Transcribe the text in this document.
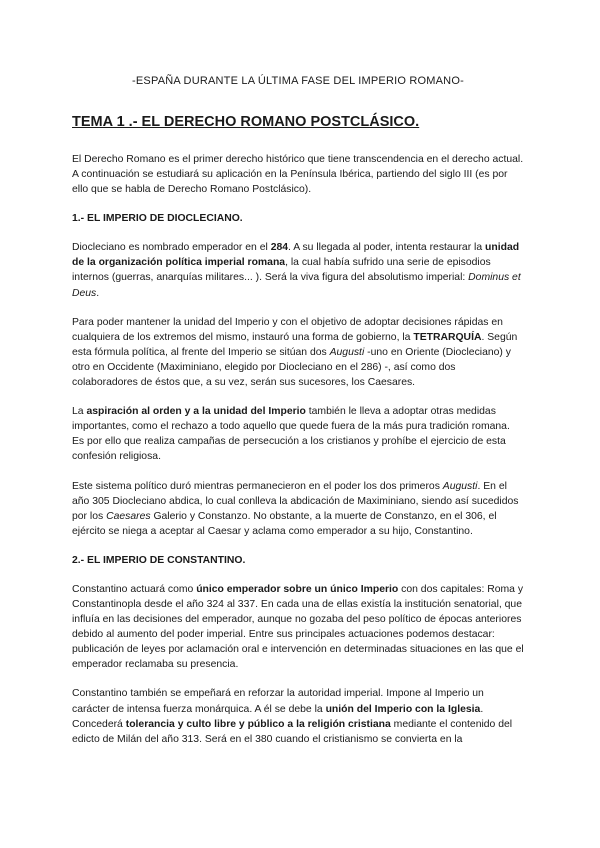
-ESPAÑA DURANTE LA ÚLTIMA FASE DEL IMPERIO ROMANO-
TEMA 1 .- EL DERECHO ROMANO POSTCLÁSICO.

El Derecho Romano es el primer derecho histórico que tiene transcendencia en el derecho actual. A continuación se estudiará su aplicación en la Península Ibérica, partiendo del siglo III (es por ello que se habla de Derecho Romano Postclásico).

1.- EL IMPERIO DE DIOCLECIANO.

Diocleciano es nombrado emperador en el 284. A su llegada al poder, intenta restaurar la unidad de la organización política imperial romana, la cual había sufrido una serie de episodios internos (guerras, anarquías militares... ). Será la viva figura del absolutismo imperial: Dominus et Deus.

Para poder mantener la unidad del Imperio y con el objetivo de adoptar decisiones rápidas en cualquiera de los extremos del mismo, instauró una forma de gobierno, la TETRARQUÍA. Según esta fórmula política, al frente del Imperio se sitúan dos Augusti -uno en Oriente (Diocleciano) y otro en Occidente (Maximiniano, elegido por Diocleciano en el 286) -, así como dos colaboradores de éstos que, a su vez, serán sus sucesores, los Caesares.

La aspiración al orden y a la unidad del Imperio también le lleva a adoptar otras medidas importantes, como el rechazo a todo aquello que quede fuera de la más pura tradición romana. Es por ello que realiza campañas de persecución a los cristianos y prohíbe el ejercicio de esta confesión religiosa.

Este sistema político duró mientras permanecieron en el poder los dos primeros Augusti. En el año 305 Diocleciano abdica, lo cual conlleva la abdicación de Maximiniano, siendo así sucedidos por los Caesares Galerio y Constanzo. No obstante, a la muerte de Constanzo, en el 306, el ejército se niega a aceptar al Caesar y aclama como emperador a su hijo, Constantino.

2.- EL IMPERIO DE CONSTANTINO.

Constantino actuará como único emperador sobre un único Imperio con dos capitales: Roma y Constantinopla desde el año 324 al 337. En cada una de ellas existía la institución senatorial, que influía en las decisiones del emperador, aunque no gozaba del peso político de épocas anteriores debido al aumento del poder imperial. Entre sus principales actuaciones podemos destacar: publicación de leyes por aclamación oral e intervención en determinadas situaciones en las que el emperador reclamaba su presencia.

Constantino también se empeñará en reforzar la autoridad imperial. Impone al Imperio un carácter de intensa fuerza monárquica. A él se debe la unión del Imperio con la Iglesia. Concederá tolerancia y culto libre y público a la religión cristiana mediante el contenido del edicto de Milán del año 313. Será en el 380 cuando el cristianismo se convierta en la
